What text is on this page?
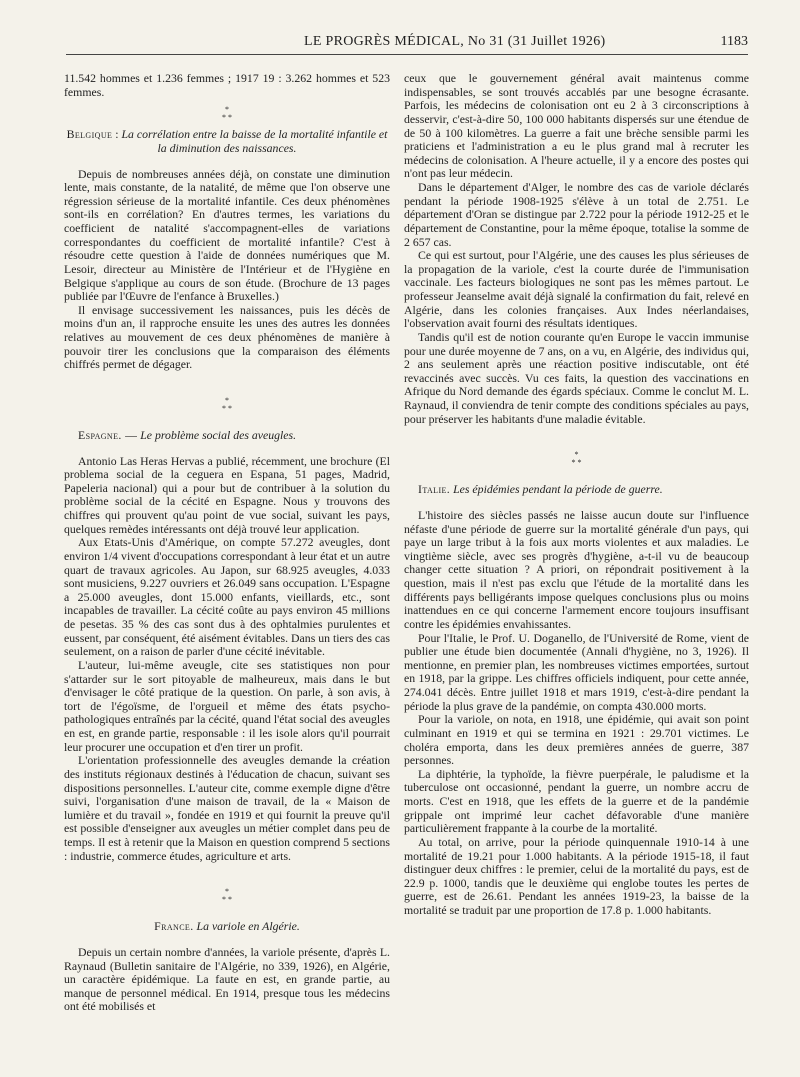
LE PROGRÈS MÉDICAL, No 31 (31 Juillet 1926)	1183

11.542 hommes et 1.236 femmes ; 1917 19 : 3.262 hommes et 523 femmes.

*
* *
Belgique : La corrélation entre la baisse de la mortalité infantile et la diminution des naissances.

Depuis de nombreuses années déjà, on constate une diminution lente, mais constante, de la natalité, de même que l'on observe une régression sérieuse de la mortalité infantile. Ces deux phénomènes sont-ils en corrélation? En d'autres termes, les variations du coefficient de natalité s'accompagnent-elles de variations correspondantes du coefficient de mortalité infantile? C'est à résoudre cette question à l'aide de données numériques que M. Lesoir, directeur au Ministère de l'Intérieur et de l'Hygiène en Belgique s'applique au cours de son étude. (Brochure de 13 pages publiée par l'Œuvre de l'enfance à Bruxelles.)

Il envisage successivement les naissances, puis les décès de moins d'un an, il rapproche ensuite les unes des autres les données relatives au mouvement de ces deux phénomènes de manière à pouvoir tirer les conclusions que la comparaison des éléments chiffrés permet de dégager.

*
* *
Espagne. — Le problème social des aveugles.

Antonio Las Heras Hervas a publié, récemment, une brochure (El problema social de la ceguera en Espana, 51 pages, Madrid, Papeleria nacional) qui a pour but de contribuer à la solution du problème social de la cécité en Espagne. Nous y trouvons des chiffres qui prouvent qu'au point de vue social, suivant les pays, quelques remèdes intéressants ont déjà trouvé leur application.

Aux Etats-Unis d'Amérique, on compte 57.272 aveugles, dont environ 1/4 vivent d'occupations correspondant à leur état et un autre quart de travaux agricoles. Au Japon, sur 68.925 aveugles, 4.033 sont musiciens, 9.227 ouvriers et 26.049 sans occupation. L'Espagne a 25.000 aveugles, dont 15.000 enfants, vieillards, etc., sont incapables de travailler. La cécité coûte au pays environ 45 millions de pesetas. 35 % des cas sont dus à des ophtalmies purulentes et eussent, par conséquent, été aisément évitables. Dans un tiers des cas seulement, on a raison de parler d'une cécité inévitable.

L'auteur, lui-même aveugle, cite ses statistiques non pour s'attarder sur le sort pitoyable de malheureux, mais dans le but d'envisager le côté pratique de la question. On parle, à son avis, à tort de l'égoïsme, de l'orgueil et même des états psycho-pathologiques entraînés par la cécité, quand l'état social des aveugles en est, en grande partie, responsable : il les isole alors qu'il pourrait leur procurer une occupation et d'en tirer un profit.

L'orientation professionnelle des aveugles demande la création des instituts régionaux destinés à l'éducation de chacun, suivant ses dispositions personnelles. L'auteur cite, comme exemple digne d'être suivi, l'organisation d'une maison de travail, de la « Maison de lumière et du travail », fondée en 1919 et qui fournit la preuve qu'il est possible d'enseigner aux aveugles un métier complet dans peu de temps. Il est à retenir que la Maison en question comprend 5 sections : industrie, commerce études, agriculture et arts.

*
* *
France. La variole en Algérie.

Depuis un certain nombre d'années, la variole présente, d'après L. Raynaud (Bulletin sanitaire de l'Algérie, no 339, 1926), en Algérie, un caractère épidémique. La faute en est, en grande partie, au manque de personnel médical. En 1914, presque tous les médecins ont été mobilisés et

ceux que le gouvernement général avait maintenus comme indispensables, se sont trouvés accablés par une besogne écrasante. Parfois, les médecins de colonisation ont eu 2 à 3 circonscriptions à desservir, c'est-à-dire 50, 100 000 habitants dispersés sur une étendue de de 50 à 100 kilomètres. La guerre a fait une brèche sensible parmi les praticiens et l'administration a eu le plus grand mal à recruter les médecins de colonisation. A l'heure actuelle, il y a encore des postes qui n'ont pas leur médecin.

Dans le département d'Alger, le nombre des cas de variole déclarés pendant la période 1908-1925 s'élève à un total de 2.751. Le département d'Oran se distingue par 2.722 pour la période 1912-25 et le département de Constantine, pour la même époque, totalise la somme de 2 657 cas.

Ce qui est surtout, pour l'Algérie, une des causes les plus sérieuses de la propagation de la variole, c'est la courte durée de l'immunisation vaccinale. Les facteurs biologiques ne sont pas les mêmes partout. Le professeur Jeanselme avait déjà signalé la confirmation du fait, relevé en Algérie, dans les colonies françaises. Aux Indes néerlandaises, l'observation avait fourni des résultats identiques.

Tandis qu'il est de notion courante qu'en Europe le vaccin immunise pour une durée moyenne de 7 ans, on a vu, en Algérie, des individus qui, 2 ans seulement après une réaction positive indiscutable, ont été revaccinés avec succès. Vu ces faits, la question des vaccinations en Afrique du Nord demande des égards spéciaux. Comme le conclut M. L. Raynaud, il conviendra de tenir compte des conditions spéciales au pays, pour préserver les habitants d'une maladie évitable.

*
* *
Italie. Les épidémies pendant la période de guerre.

L'histoire des siècles passés ne laisse aucun doute sur l'influence néfaste d'une période de guerre sur la mortalité générale d'un pays, qui paye un large tribut à la fois aux morts violentes et aux maladies. Le vingtième siècle, avec ses progrès d'hygiène, a-t-il vu de beaucoup changer cette situation ? A priori, on répondrait positivement à la question, mais il n'est pas exclu que l'étude de la mortalité dans les différents pays belligérants impose quelques conclusions plus ou moins inattendues en ce qui concerne l'armement encore toujours insuffisant contre les épidémies envahissantes.

Pour l'Italie, le Prof. U. Doganello, de l'Université de Rome, vient de publier une étude bien documentée (Annali d'hygiène, no 3, 1926). Il mentionne, en premier plan, les nombreuses victimes emportées, surtout en 1918, par la grippe. Les chiffres officiels indiquent, pour cette année, 274.041 décès. Entre juillet 1918 et mars 1919, c'est-à-dire pendant la période la plus grave de la pandémie, on compta 430.000 morts.

Pour la variole, on nota, en 1918, une épidémie, qui avait son point culminant en 1919 et qui se termina en 1921 : 29.701 victimes. Le choléra emporta, dans les deux premières années de guerre, 387 personnes.

La diphtérie, la typhoïde, la fièvre puerpérale, le paludisme et la tuberculose ont occasionné, pendant la guerre, un nombre accru de morts. C'est en 1918, que les effets de la guerre et de la pandémie grippale ont imprimé leur cachet défavorable d'une manière particulièrement frappante à la courbe de la mortalité.

Au total, on arrive, pour la période quinquennale 1910-14 à une mortalité de 19.21 pour 1.000 habitants. A la période 1915-18, il faut distinguer deux chiffres : le premier, celui de la mortalité du pays, est de 22.9 p. 1000, tandis que le deuxième qui englobe toutes les pertes de guerre, est de 26.61. Pendant les années 1919-23, la baisse de la mortalité se traduit par une proportion de 17.8 p. 1.000 habitants.
